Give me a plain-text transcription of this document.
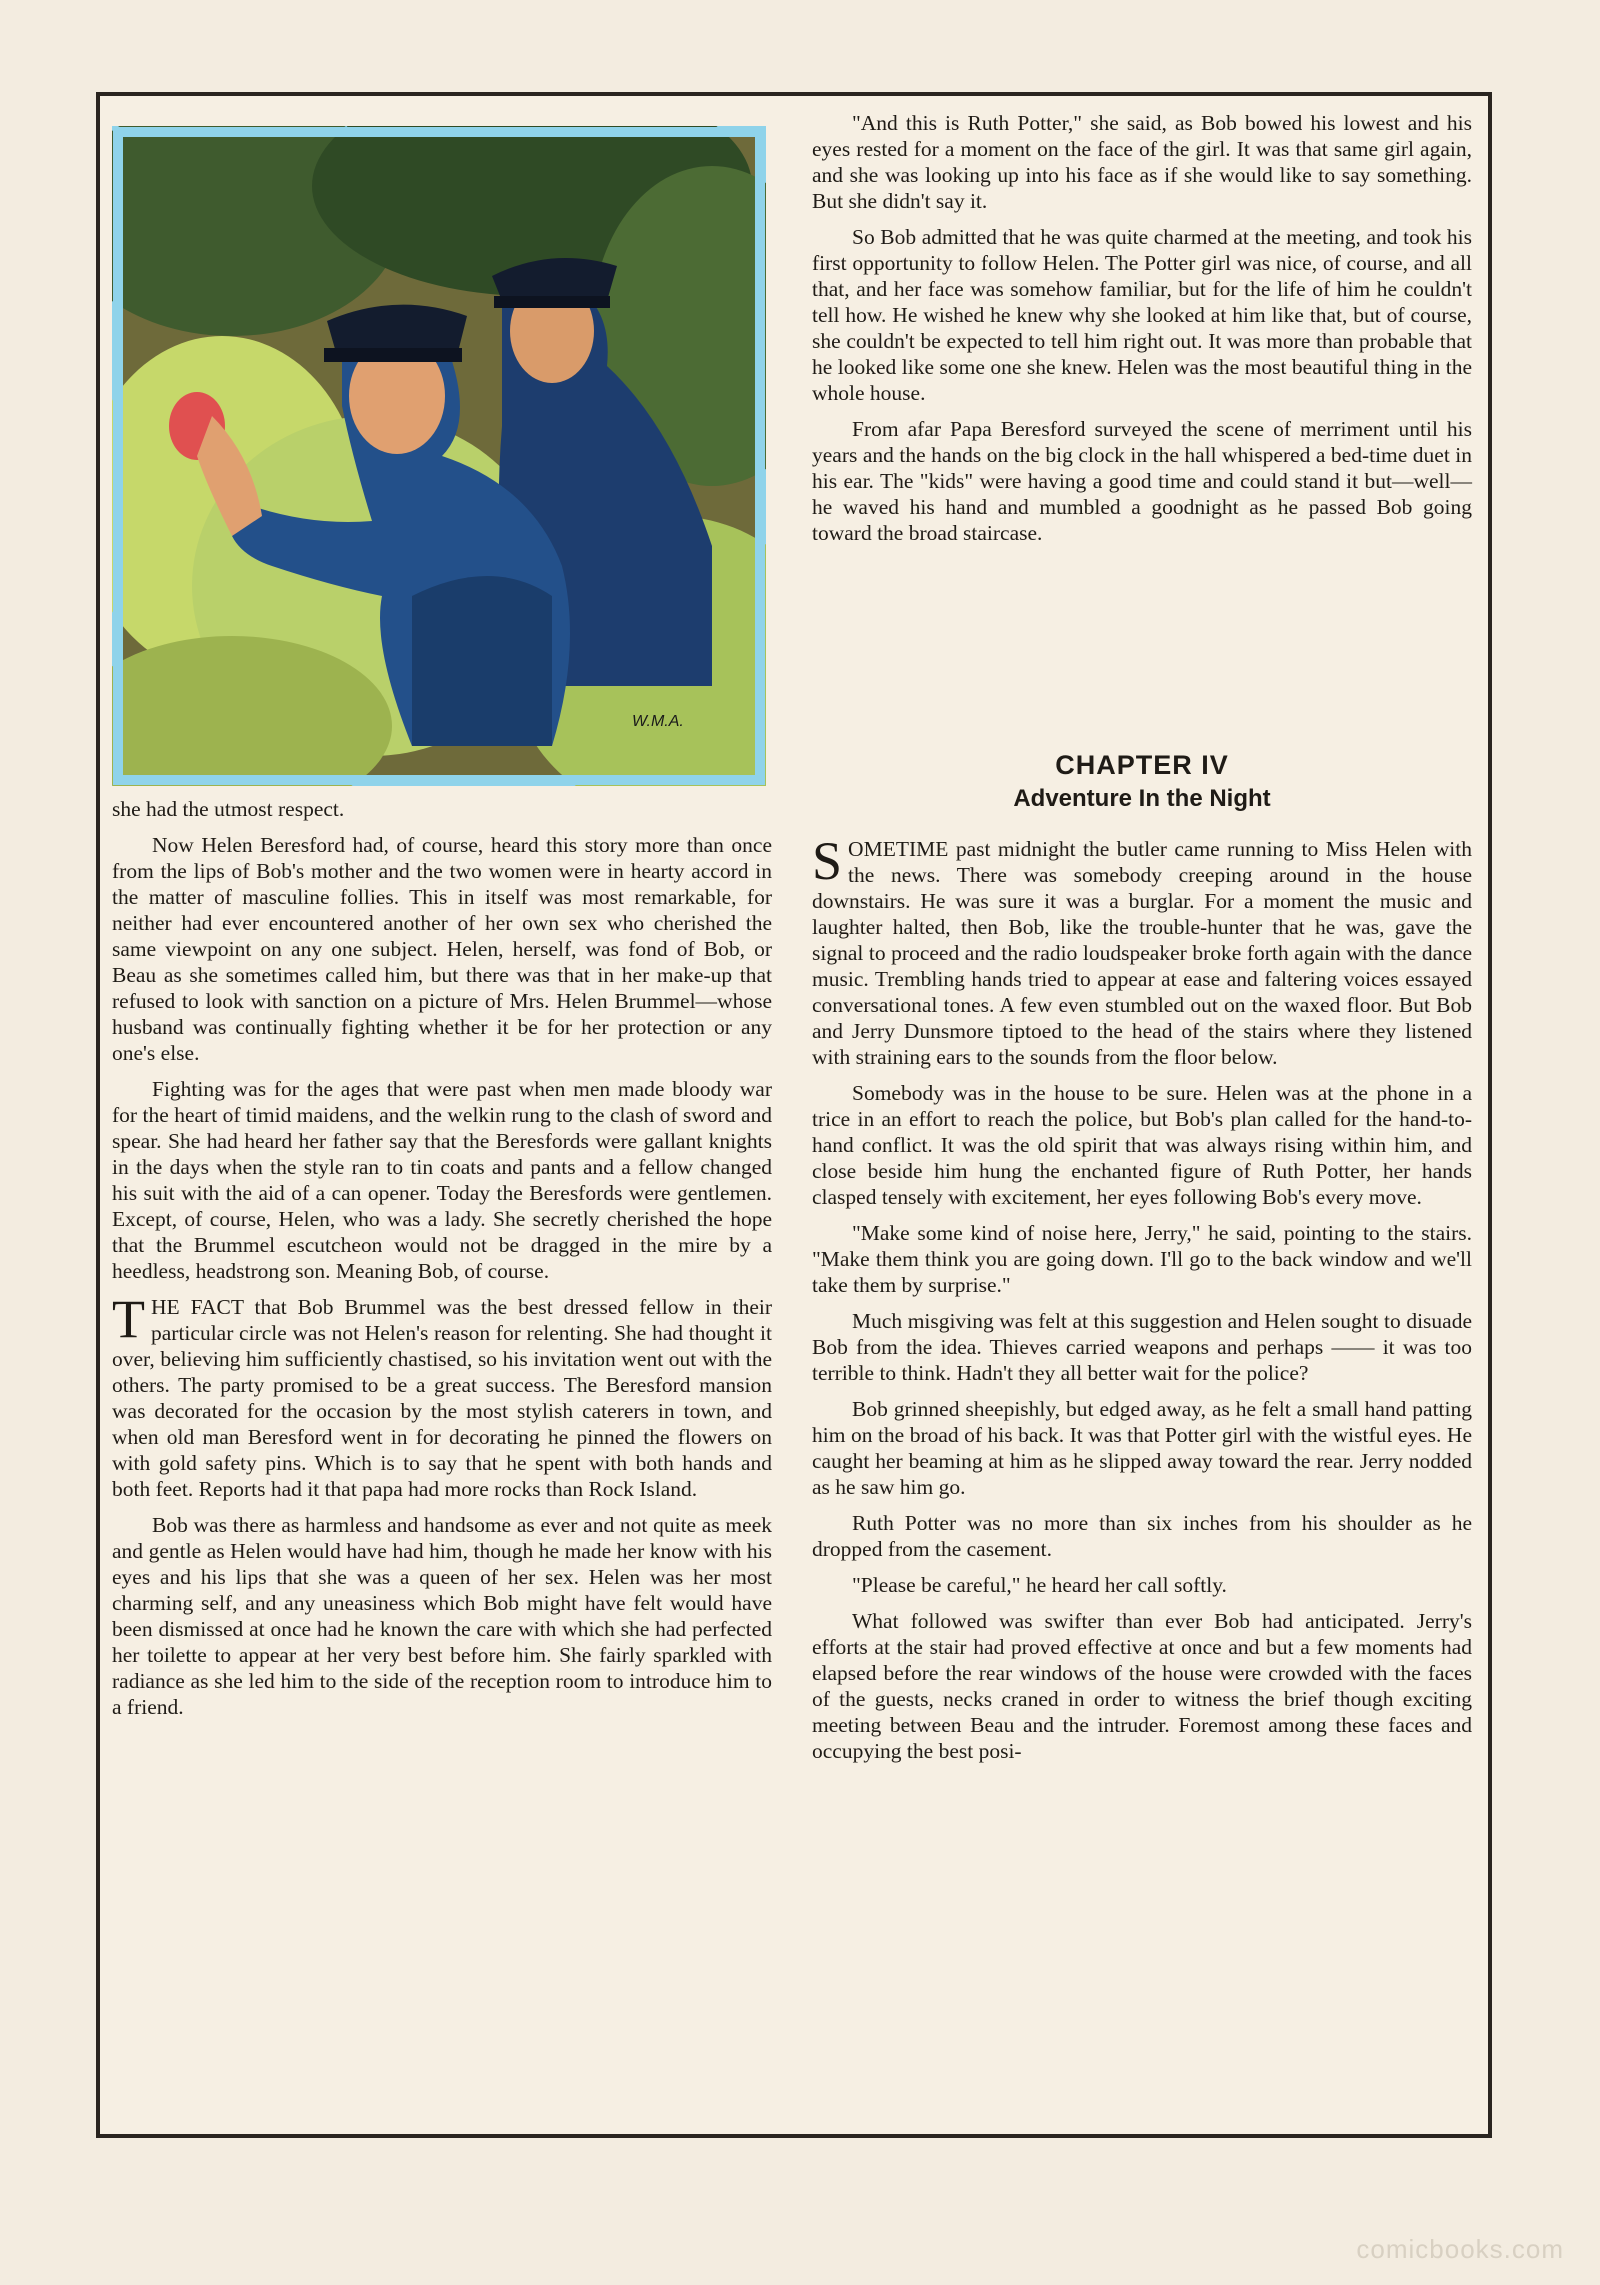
W.M.A.

she had the utmost respect.

Now Helen Beresford had, of course, heard this story more than once from the lips of Bob's mother and the two women were in hearty accord in the matter of masculine follies. This in itself was most remarkable, for neither had ever encountered another of her own sex who cherished the same viewpoint on any one subject. Helen, herself, was fond of Bob, or Beau as she sometimes called him, but there was that in her make-up that refused to look with sanction on a picture of Mrs. Helen Brummel—whose husband was continually fighting whether it be for her protection or any one's else.

Fighting was for the ages that were past when men made bloody war for the heart of timid maidens, and the welkin rung to the clash of sword and spear. She had heard her father say that the Beresfords were gallant knights in the days when the style ran to tin coats and pants and a fellow changed his suit with the aid of a can opener. Today the Beresfords were gentlemen. Except, of course, Helen, who was a lady. She secretly cherished the hope that the Brummel escutcheon would not be dragged in the mire by a heedless, headstrong son. Meaning Bob, of course.

THE FACT that Bob Brummel was the best dressed fellow in their particular circle was not Helen's reason for relenting. She had thought it over, believing him sufficiently chastised, so his invitation went out with the others. The party promised to be a great success. The Beresford mansion was decorated for the occasion by the most stylish caterers in town, and when old man Beresford went in for decorating he pinned the flowers on with gold safety pins. Which is to say that he spent with both hands and both feet. Reports had it that papa had more rocks than Rock Island.

Bob was there as harmless and handsome as ever and not quite as meek and gentle as Helen would have had him, though he made her know with his eyes and his lips that she was a queen of her sex. Helen was her most charming self, and any uneasiness which Bob might have felt would have been dismissed at once had he known the care with which she had perfected her toilette to appear at her very best before him. She fairly sparkled with radiance as she led him to the side of the reception room to introduce him to a friend.

"And this is Ruth Potter," she said, as Bob bowed his lowest and his eyes rested for a moment on the face of the girl. It was that same girl again, and she was looking up into his face as if she would like to say something. But she didn't say it.

So Bob admitted that he was quite charmed at the meeting, and took his first opportunity to follow Helen. The Potter girl was nice, of course, and all that, and her face was somehow familiar, but for the life of him he couldn't tell how. He wished he knew why she looked at him like that, but of course, she couldn't be expected to tell him right out. It was more than probable that he looked like some one she knew. Helen was the most beautiful thing in the whole house.

From afar Papa Beresford surveyed the scene of merriment until his years and the hands on the big clock in the hall whispered a bed-time duet in his ear. The "kids" were having a good time and could stand it but—well—he waved his hand and mumbled a goodnight as he passed Bob going toward the broad staircase.

CHAPTER IV
Adventure In the Night

SOMETIME past midnight the butler came running to Miss Helen with the news. There was somebody creeping around in the house downstairs. He was sure it was a burglar. For a moment the music and laughter halted, then Bob, like the trouble-hunter that he was, gave the signal to proceed and the radio loudspeaker broke forth again with the dance music. Trembling hands tried to appear at ease and faltering voices essayed conversational tones. A few even stumbled out on the waxed floor. But Bob and Jerry Dunsmore tiptoed to the head of the stairs where they listened with straining ears to the sounds from the floor below.

Somebody was in the house to be sure. Helen was at the phone in a trice in an effort to reach the police, but Bob's plan called for the hand-to-hand conflict. It was the old spirit that was always rising within him, and close beside him hung the enchanted figure of Ruth Potter, her hands clasped tensely with excitement, her eyes following Bob's every move.

"Make some kind of noise here, Jerry," he said, pointing to the stairs. "Make them think you are going down. I'll go to the back window and we'll take them by surprise."

Much misgiving was felt at this suggestion and Helen sought to disuade Bob from the idea. Thieves carried weapons and perhaps —— it was too terrible to think. Hadn't they all better wait for the police?

Bob grinned sheepishly, but edged away, as he felt a small hand patting him on the broad of his back. It was that Potter girl with the wistful eyes. He caught her beaming at him as he slipped away toward the rear. Jerry nodded as he saw him go.

Ruth Potter was no more than six inches from his shoulder as he dropped from the casement.

"Please be careful," he heard her call softly.

What followed was swifter than ever Bob had anticipated. Jerry's efforts at the stair had proved effective at once and but a few moments had elapsed before the rear windows of the house were crowded with the faces of the guests, necks craned in order to witness the brief though exciting meeting between Beau and the intruder. Foremost among these faces and occupying the best posi-

comicbooks.com
